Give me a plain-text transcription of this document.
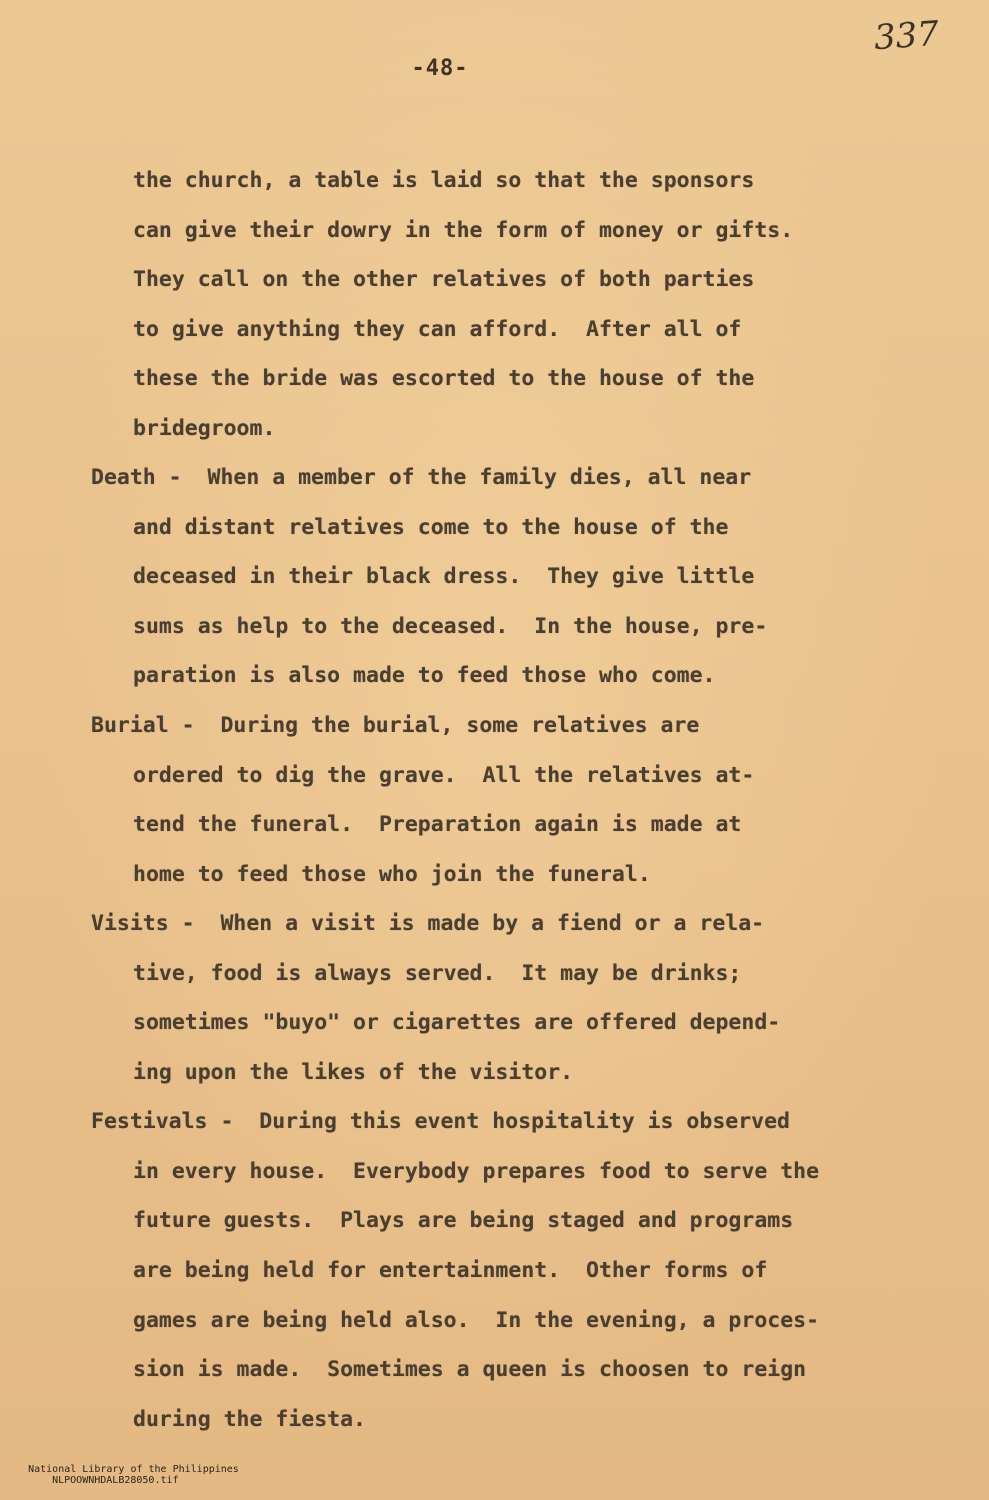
-48-
337
the church, a table is laid so that the sponsors
can give their dowry in the form of money or gifts.
They call on the other relatives of both parties
to give anything they can afford.  After all of
these the bride was escorted to the house of the
bridegroom.
Death -  When a member of the family dies, all near
and distant relatives come to the house of the
deceased in their black dress.  They give little
sums as help to the deceased.  In the house, pre-
paration is also made to feed those who come.
Burial -  During the burial, some relatives are
ordered to dig the grave.  All the relatives at-
tend the funeral.  Preparation again is made at
home to feed those who join the funeral.
Visits -  When a visit is made by a fiend or a rela-
tive, food is always served.  It may be drinks;
sometimes "buyo" or cigarettes are offered depend-
ing upon the likes of the visitor.
Festivals -  During this event hospitality is observed
in every house.  Everybody prepares food to serve the
future guests.  Plays are being staged and programs
are being held for entertainment.  Other forms of
games are being held also.  In the evening, a proces-
sion is made.  Sometimes a queen is choosen to reign
during the fiesta.

National Library of the Philippines
NLPOOWNHDALB28050.tif
